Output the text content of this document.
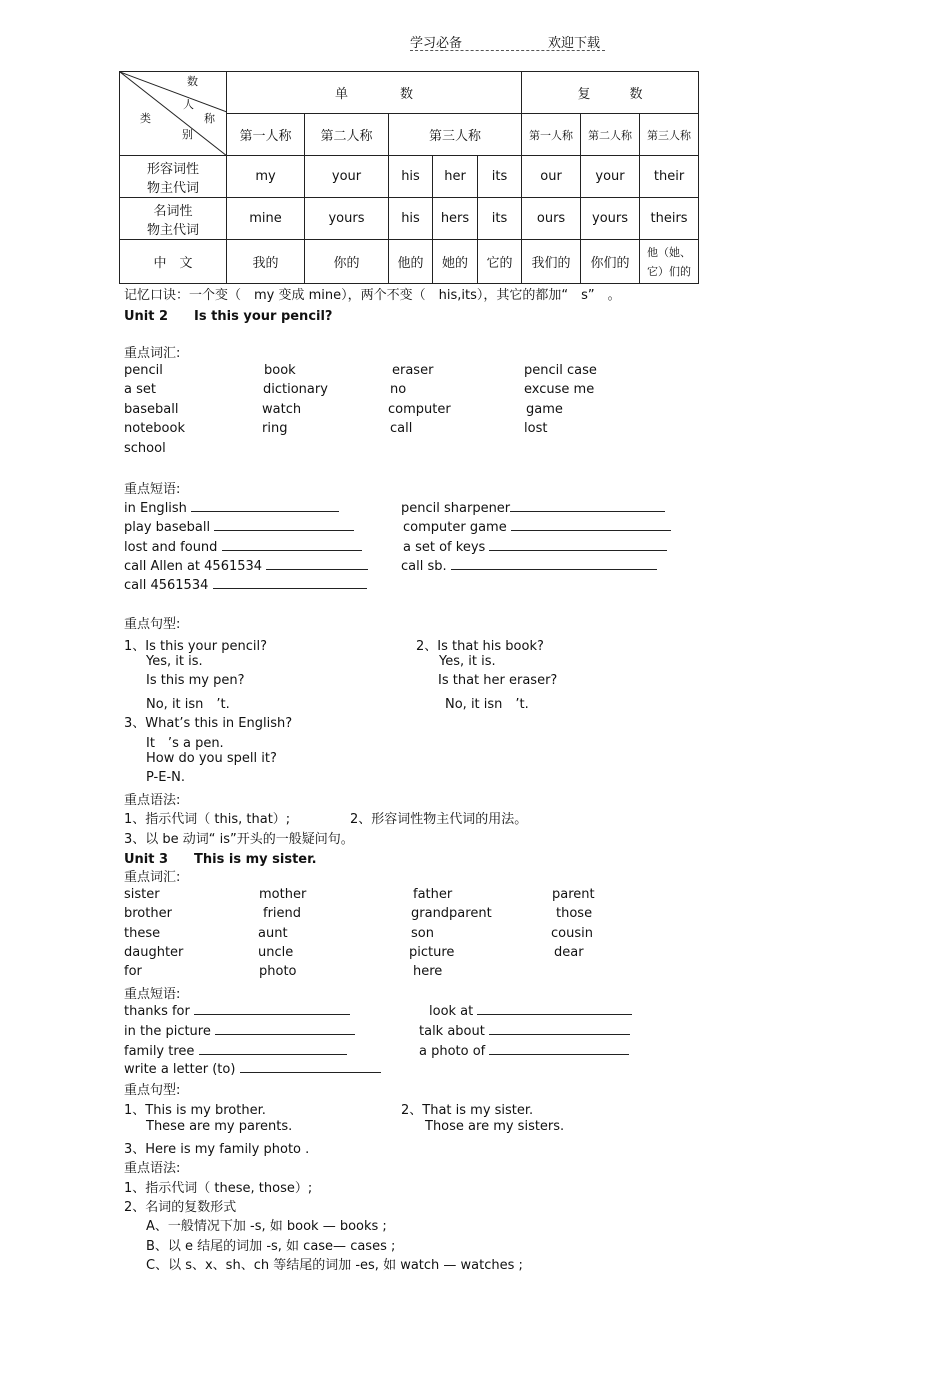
学习必备	欢迎下载
数
人
类 称
别	单　　　　数					复　　　数		
	第一人称	第二人称	第三人称			第一人称	第二人称	第三人称

形容词性
物主代词	my	your	his	her	its	our	your	their

名词性
物主代词	mine	yours	his	hers	its	ours	yours	theirs
中　文	我的	你的	他的	她的	它的	我们的	你们的	他（她、
它）们的
记忆口诀：一个变（　my 变成 mine），两个不变（　his,its），其它的都加“　s”　。
Unit 2　　Is this your pencil?
重点词汇:
pencil	book	eraser	pencil case
a set	dictionary	no	excuse me
baseball	watch	computer	game
notebook	ring	call	lost
school
重点短语:
in English	pencil sharpener
play baseball	computer game
lost and found	a set of keys
call Allen at 4561534	call sb.
call 4561534
重点句型:
1、Is this your pencil?
Yes, it is.
Is this my pen?
No, it isn　’t.
2、Is that his book?
Yes, it is.
Is that her eraser?
No, it isn　’t.
3、What’s this in English?
It　’s a pen.
How do you spell it?
P-E-N.
重点语法:
1、指示代词（ this, that）;	2、形容词性物主代词的用法。
3、以 be 动词“ is”开头的一般疑问句。
Unit 3　　This is my sister.
重点词汇:
sister	mother	father	parent
brother	friend	grandparent	those
these	aunt	son	cousin
daughter	uncle	picture	dear
for	photo	here
重点短语:
thanks for	look at
in the picture	talk about
family tree	a photo of
write a letter (to)
重点句型:
1、This is my brother.
These are my parents.
2、That is my sister.
Those are my sisters.
3、Here is my family photo .
重点语法:
1、指示代词（ these, those）;
2、名词的复数形式
A、一般情况下加 -s, 如 book — books ;
B、以 e 结尾的词加 -s, 如 case— cases ;
C、以 s、x、sh、ch 等结尾的词加 -es, 如 watch — watches ;
